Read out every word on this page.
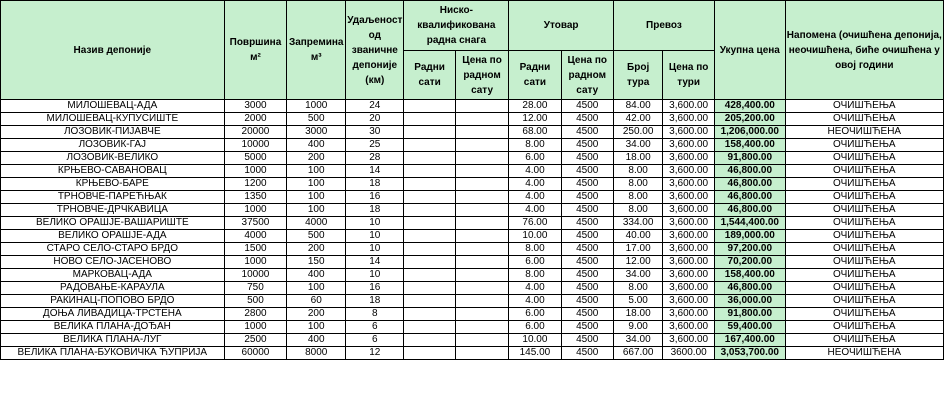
Назив депоније	Површина м²	Запремина м³	Удаљеност од званичне депоније (км)	Ниско-квалификована радна снага		Утовар		Превоз		Укупна цена	Напомена (очишћена депонија, неочишћена, биће очишћена у овој години
				Радни сати	Цена по радном сату	Радни сати	Цена по радном сату	Број тура	Цена по тури		
МИЛОШЕВАЦ-АДА	3000	1000	24			28.00	4500	84.00	3,600.00	428,400.00	ОЧИШЋЕЊА
МИЛОШЕВАЦ-КУПУСИШТЕ	2000	500	20			12.00	4500	42.00	3,600.00	205,200.00	ОЧИШЋЕЊА
ЛОЗОВИК-ПИЈАВЧЕ	20000	3000	30			68.00	4500	250.00	3,600.00	1,206,000.00	НЕОЧИШЋЕНА
ЛОЗОВИК-ГАЈ	10000	400	25			8.00	4500	34.00	3,600.00	158,400.00	ОЧИШЋЕЊА
ЛОЗОВИК-ВЕЛИКО	5000	200	28			6.00	4500	18.00	3,600.00	91,800.00	ОЧИШЋЕЊА
КРЊЕВО-САВАНОВАЦ	1000	100	14			4.00	4500	8.00	3,600.00	46,800.00	ОЧИШЋЕЊА
КРЊЕВО-БАРЕ	1200	100	18			4.00	4500	8.00	3,600.00	46,800.00	ОЧИШЋЕЊА
ТРНОВЧЕ-ПАРЕЋЊАК	1350	100	16			4.00	4500	8.00	3,600.00	46,800.00	ОЧИШЋЕЊА
ТРНОВЧЕ-ДРЧКАВИЦА	1000	100	18			4.00	4500	8.00	3,600.00	46,800.00	ОЧИШЋЕЊА
ВЕЛИКО ОРАШЈЕ-ВАШАРИШТЕ	37500	4000	10			76.00	4500	334.00	3,600.00	1,544,400.00	ОЧИШЋЕЊА
ВЕЛИКО ОРАШЈЕ-АДА	4000	500	10			10.00	4500	40.00	3,600.00	189,000.00	ОЧИШЋЕЊА
СТАРО СЕЛО-СТАРО БРДО	1500	200	10			8.00	4500	17.00	3,600.00	97,200.00	ОЧИШЋЕЊА
НОВО СЕЛО-ЈАСЕНОВО	1000	150	14			6.00	4500	12.00	3,600.00	70,200.00	ОЧИШЋЕЊА
МАРКОВАЦ-АДА	10000	400	10			8.00	4500	34.00	3,600.00	158,400.00	ОЧИШЋЕЊА
РАДОВАЊЕ-КАРАУЛА	750	100	16			4.00	4500	8.00	3,600.00	46,800.00	ОЧИШЋЕЊА
РАКИНАЦ-ПОПОВО БРДО	500	60	18			4.00	4500	5.00	3,600.00	36,000.00	ОЧИШЋЕЊА
ДОЊА ЛИВАДИЦА-ТРСТЕНА	2800	200	8			6.00	4500	18.00	3,600.00	91,800.00	ОЧИШЋЕЊА
ВЕЛИКА ПЛАНА-ДОЂАН	1000	100	6			6.00	4500	9.00	3,600.00	59,400.00	ОЧИШЋЕЊА
ВЕЛИКА ПЛАНА-ЛУГ	2500	400	6			10.00	4500	34.00	3,600.00	167,400.00	ОЧИШЋЕЊА
ВЕЛИКА ПЛАНА-БУКОВИЧКА ЋУПРИЈА	60000	8000	12			145.00	4500	667.00	3600.00	3,053,700.00	НЕОЧИШЋЕНА
